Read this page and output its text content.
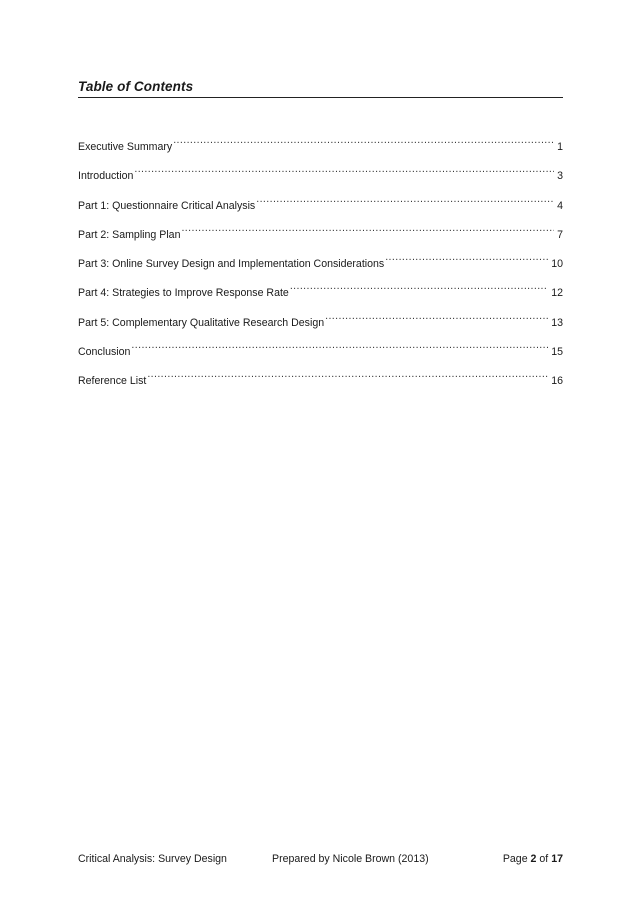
Table of Contents
Executive Summary .....	1
Introduction .....	3
Part 1: Questionnaire Critical Analysis .....	4
Part 2: Sampling Plan .....	7
Part 3: Online Survey Design and Implementation Considerations .....	10
Part 4: Strategies to Improve Response Rate .....	12
Part 5: Complementary Qualitative Research Design .....	13
Conclusion .....	15
Reference List .....	16
Critical Analysis: Survey Design	Prepared by Nicole Brown (2013)	Page 2 of 17
